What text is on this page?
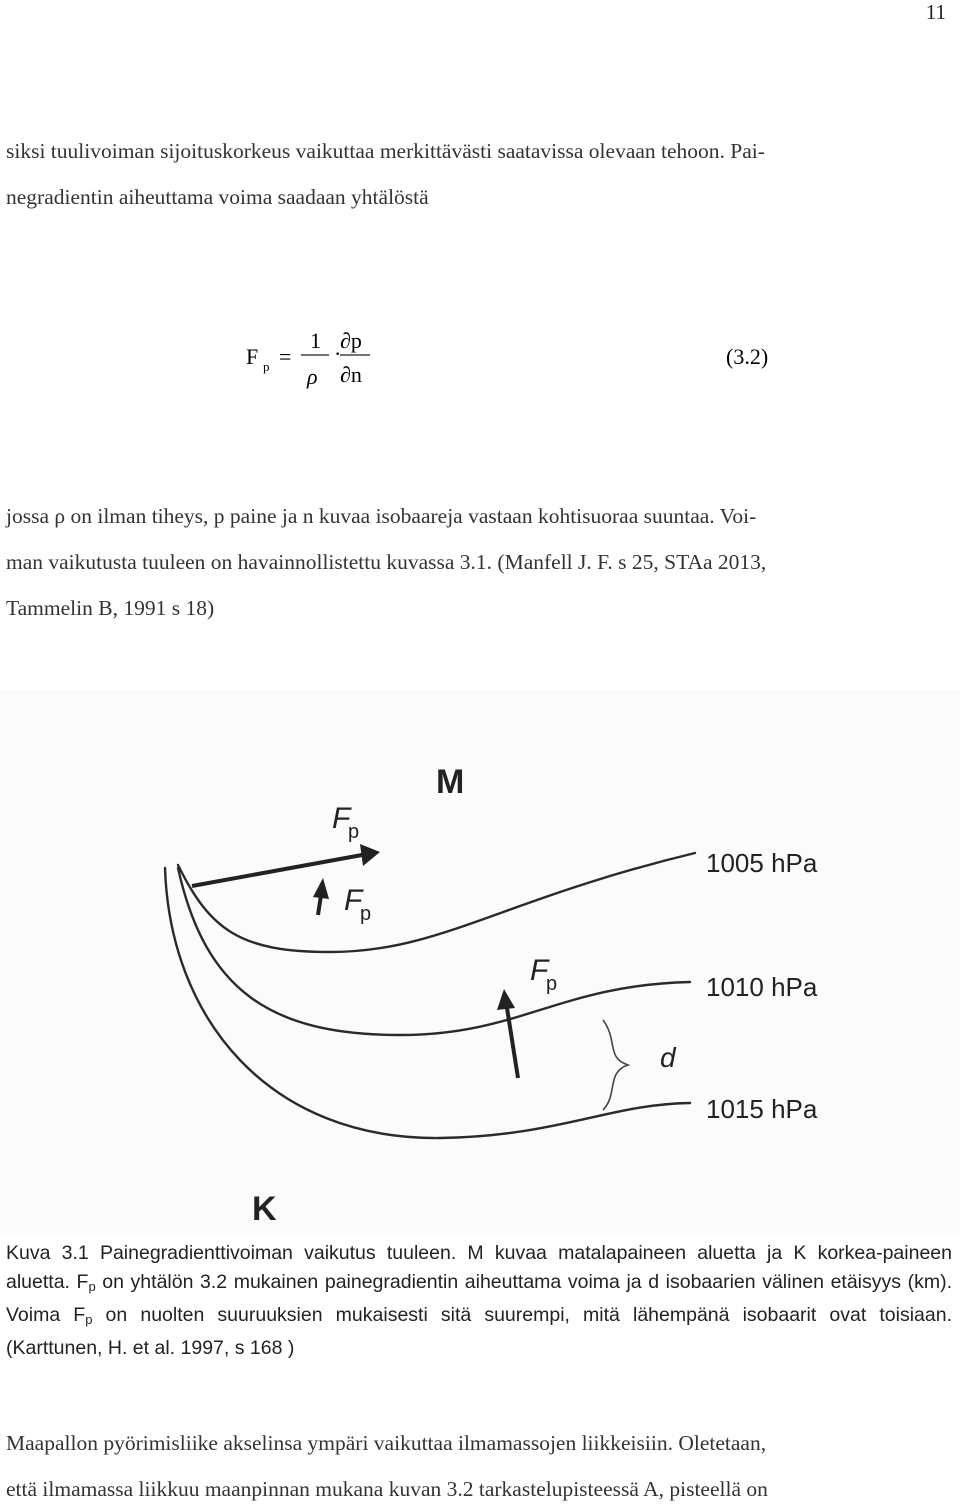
11
siksi tuulivoiman sijoituskorkeus vaikuttaa merkittävästi saatavissa olevaan tehoon. Pai-
negradientin aiheuttama voima saadaan yhtälöstä
F p =
1
ρ
·
∂p
∂n
(3.2)
jossa ρ on ilman tiheys, p paine ja n kuvaa isobaareja vastaan kohtisuoraa suuntaa. Voi-
man vaikutusta tuuleen on havainnollistettu kuvassa 3.1. (Manfell J. F. s 25, STAa 2013,
Tammelin B, 1991 s 18)
M
K
1005 hPa
1010 hPa
1015 hPa
d
F
p
F
p
F
p
Kuva 3.1 Painegradienttivoiman vaikutus tuuleen. M kuvaa matalapaineen aluetta ja K korkea-paineen aluetta. Fp on yhtälön 3.2 mukainen painegradientin aiheuttama voima ja d isobaarien välinen etäisyys (km). Voima Fp on nuolten suuruuksien mukaisesti sitä suurempi, mitä lähempänä isobaarit ovat toisiaan. (Karttunen, H. et al. 1997, s 168 )
Maapallon pyörimisliike akselinsa ympäri vaikuttaa ilmamassojen liikkeisiin. Oletetaan,
että ilmamassa liikkuu maanpinnan mukana kuvan 3.2 tarkastelupisteessä A, pisteellä on
